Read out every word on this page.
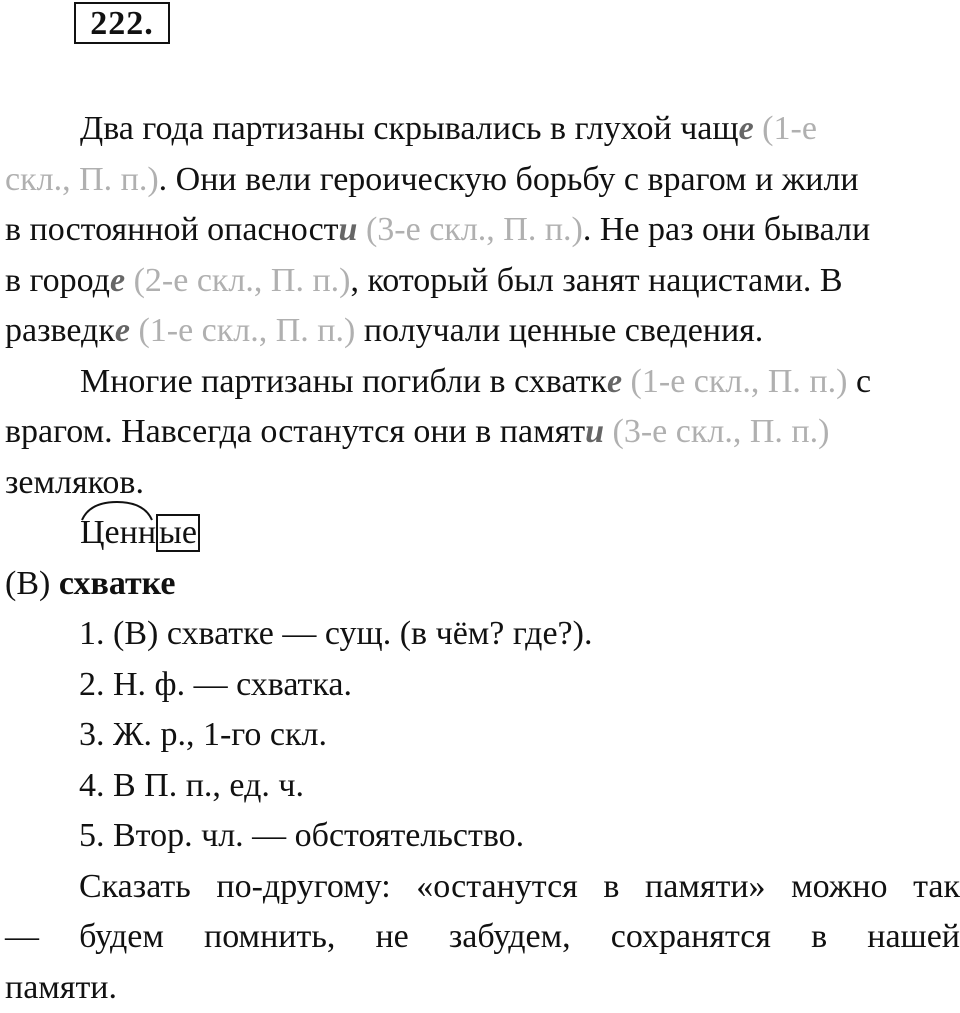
222.
Два года партизаны скрывались в глухой чаще (1-е
скл., П. п.). Они вели героическую борьбу с врагом и жили
в постоянной опасности (3-е скл., П. п.). Не раз они бывали
в городе (2-е скл., П. п.), который был занят нацистами. В
разведке (1-е скл., П. п.) получали ценные сведения.
Многие партизаны погибли в схватке (1-е скл., П. п.) с
врагом. Навсегда останутся они в памяти (3-е скл., П. п.)
земляков.
Ценные
(В) схватке
1. (В) схватке — сущ. (в чём? где?).
2. Н. ф. — схватка.
3. Ж. р., 1-го скл.
4. В П. п., ед. ч.
5. Втор. чл. — обстоятельство.
Сказать по-другому: «останутся в памяти» можно так
— будем помнить, не забудем, сохранятся в нашей
памяти.
